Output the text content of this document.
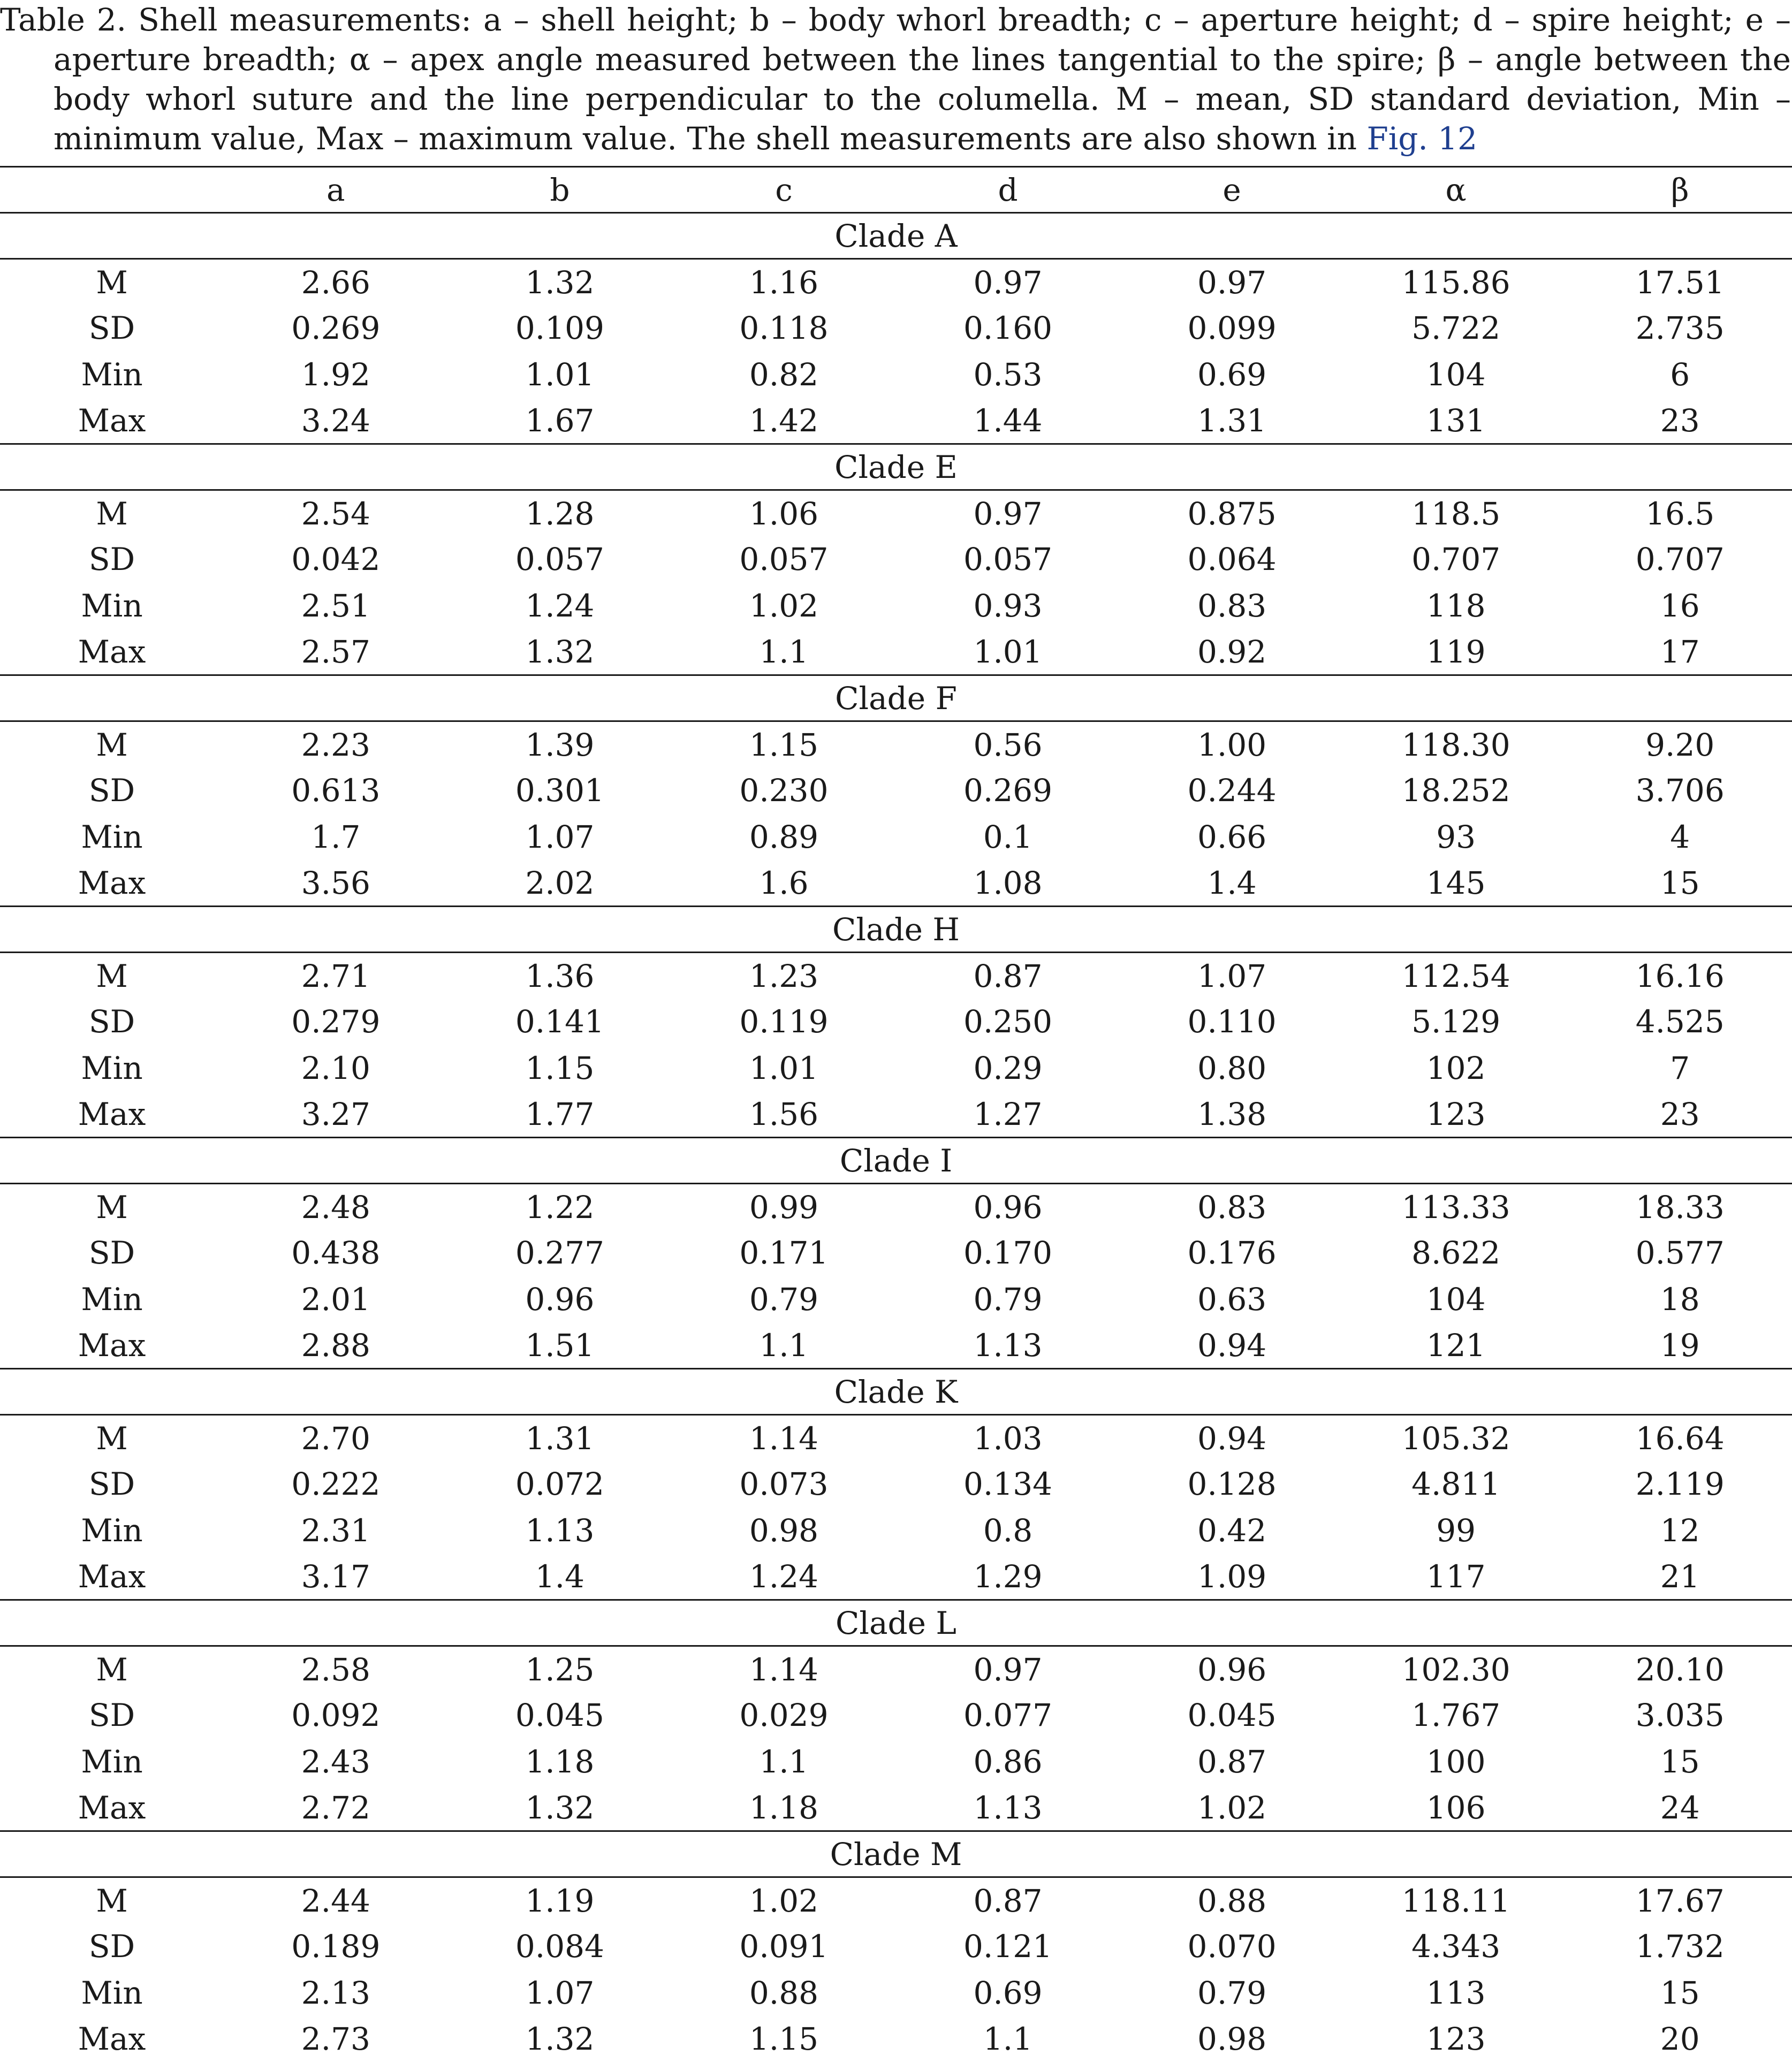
Table 2. Shell measurements: a – shell height; b – body whorl breadth; c – aperture height; d – spire height; e – aperture breadth; α – apex angle measured between the lines tangential to the spire; β – angle between the body whorl suture and the line perpendicular to the columella. M – mean, SD standard deviation, Min – minimum value, Max – maximum value. The shell measurements are also shown in Fig. 12
	a	b	c	d	e	α	β
Clade A							
M	2.66	1.32	1.16	0.97	0.97	115.86	17.51
SD	0.269	0.109	0.118	0.160	0.099	5.722	2.735
Min	1.92	1.01	0.82	0.53	0.69	104	6
Max	3.24	1.67	1.42	1.44	1.31	131	23
Clade E							
M	2.54	1.28	1.06	0.97	0.875	118.5	16.5
SD	0.042	0.057	0.057	0.057	0.064	0.707	0.707
Min	2.51	1.24	1.02	0.93	0.83	118	16
Max	2.57	1.32	1.1	1.01	0.92	119	17
Clade F							
M	2.23	1.39	1.15	0.56	1.00	118.30	9.20
SD	0.613	0.301	0.230	0.269	0.244	18.252	3.706
Min	1.7	1.07	0.89	0.1	0.66	93	4
Max	3.56	2.02	1.6	1.08	1.4	145	15
Clade H							
M	2.71	1.36	1.23	0.87	1.07	112.54	16.16
SD	0.279	0.141	0.119	0.250	0.110	5.129	4.525
Min	2.10	1.15	1.01	0.29	0.80	102	7
Max	3.27	1.77	1.56	1.27	1.38	123	23
Clade I							
M	2.48	1.22	0.99	0.96	0.83	113.33	18.33
SD	0.438	0.277	0.171	0.170	0.176	8.622	0.577
Min	2.01	0.96	0.79	0.79	0.63	104	18
Max	2.88	1.51	1.1	1.13	0.94	121	19
Clade K							
M	2.70	1.31	1.14	1.03	0.94	105.32	16.64
SD	0.222	0.072	0.073	0.134	0.128	4.811	2.119
Min	2.31	1.13	0.98	0.8	0.42	99	12
Max	3.17	1.4	1.24	1.29	1.09	117	21
Clade L							
M	2.58	1.25	1.14	0.97	0.96	102.30	20.10
SD	0.092	0.045	0.029	0.077	0.045	1.767	3.035
Min	2.43	1.18	1.1	0.86	0.87	100	15
Max	2.72	1.32	1.18	1.13	1.02	106	24
Clade M							
M	2.44	1.19	1.02	0.87	0.88	118.11	17.67
SD	0.189	0.084	0.091	0.121	0.070	4.343	1.732
Min	2.13	1.07	0.88	0.69	0.79	113	15
Max	2.73	1.32	1.15	1.1	0.98	123	20
